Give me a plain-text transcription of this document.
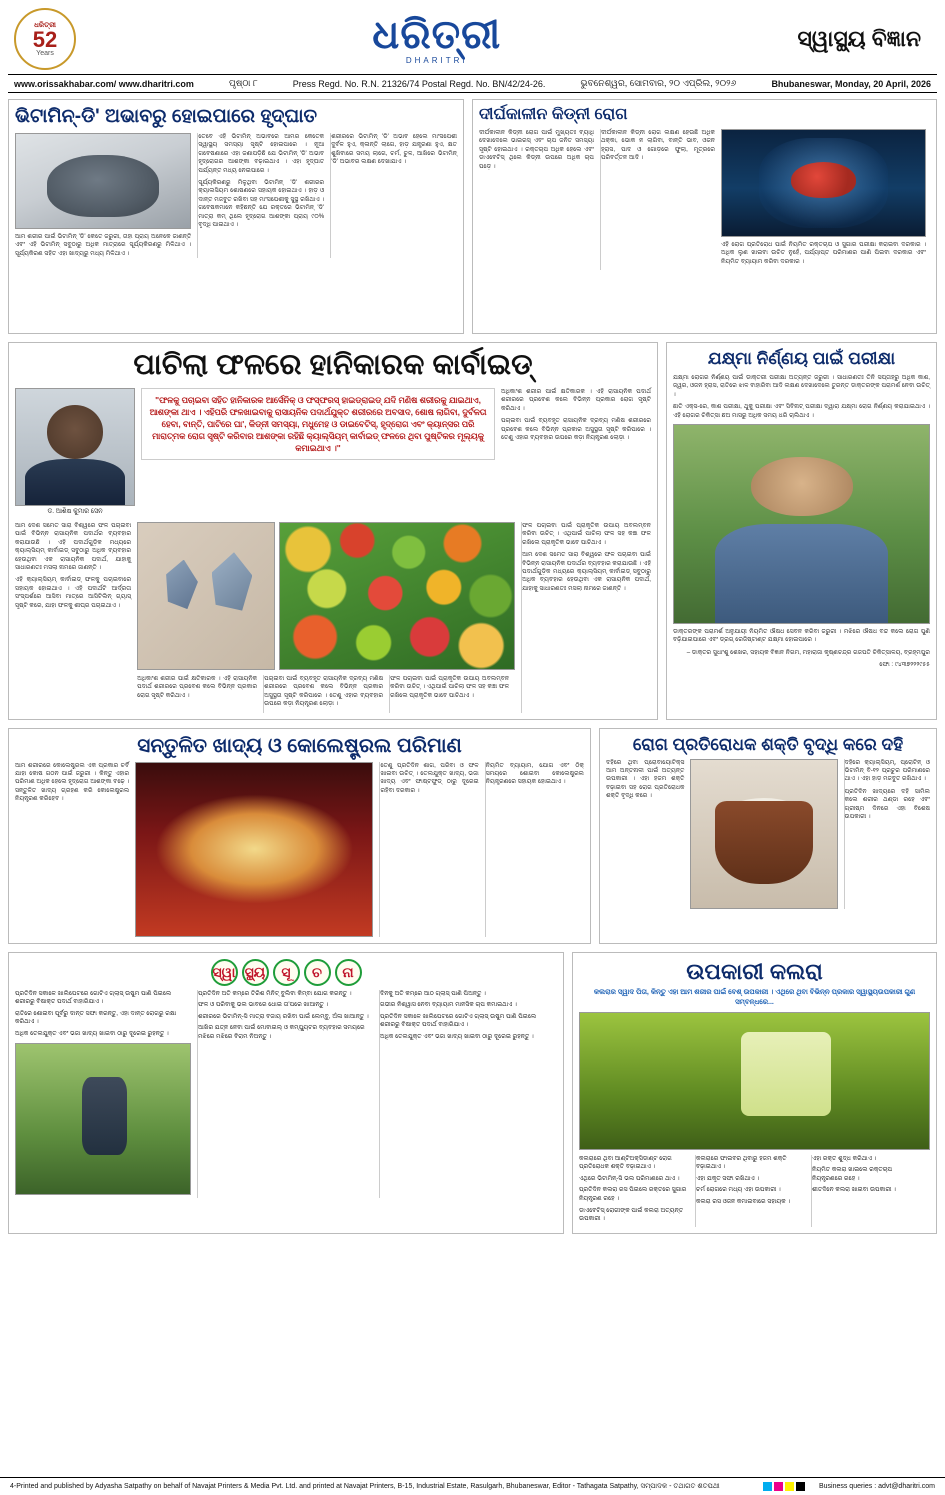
ଧରିତ୍ରୀ
52
Years	ଧରିତ୍ରୀ
DHARITRI
ସ୍ୱାସ୍ଥ୍ୟ ବିଜ୍ଞାନ
www.orissakhabar.com/ www.dharitri.com	ପୃଷ୍ଠା ୮	Press Regd. No. R.N. 21326/74 Postal Regd. No. BN/42/24-26.	ଭୁବନେଶ୍ୱର, ସୋମବାର, ୨୦ ଏପ୍ରିଲ, ୨୦୨୬	Bhubaneswar, Monday, 20 April, 2026
ଭିଟାମିନ୍‌-ଡି' ଅଭାବରୁ ହୋଇପାରେ ହୃଦ୍‌ଘାତ
ଆମ ଶରୀର ପାଇଁ ଭିଟାମିନ୍ 'ଡି' କେତେ ଜରୁରୀ, ତାହା ପ୍ରାୟ ଅନେକେ ଜାଣନ୍ତି ଏବଂ ଏହି ଭିଟାମିନ୍ ସବୁଠାରୁ ଅଧିକ ମାତ୍ରାରେ ସୂର୍ଯ୍ୟକିରଣରୁ ମିଳିଥାଏ । ସୂର୍ଯ୍ୟକିରଣ ସହିତ ଏହା ଖାଦ୍ୟରୁ ମଧ୍ୟ ମିଳିଥାଏ ।

ତେବେ ଏହି ଭିଟାମିନ୍ ଅଭାବରେ ଆମର କେତେକ ସ୍ୱାସ୍ଥ୍ୟ ସମସ୍ୟା ସୃଷ୍ଟି ହୋଇପାରେ । ନୂଆ ଗବେଷଣାରେ ଏହା ଜଣାପଡ଼ିଛି ଯେ ଭିଟାମିନ୍ 'ଡି' ଅଭାବ ହୃଦ୍‌ରୋଗର ଆଶଙ୍କା ବଢ଼ାଇଥାଏ । ଏହା ହୃଦ୍‌ଘାତ ପର୍ଯ୍ୟନ୍ତ ମଧ୍ୟ ନେଇପାରେ ।

ସୂର୍ଯ୍ୟକିରଣରୁ ମିଳୁଥିବା ଭିଟାମିନ୍ 'ଡି' ଶରୀରର କ୍ୟାଲସିୟମ ଶୋଷଣରେ ସହାୟକ ହୋଇଥାଏ । ହାଡ଼ ଓ ଦାନ୍ତ ମଜବୁତ ରଖିବା ସହ ମାଂସପେଶୀକୁ ସୁସ୍ଥ ରଖିଥାଏ । ଗବେଷକମାନେ କହିଛନ୍ତି ଯେ ରକ୍ତରେ ଭିଟାମିନ୍ 'ଡି' ମାତ୍ରା କମ୍ ଥିଲେ ହୃଦ୍‌ରୋଗ ଆଶଙ୍କା ପ୍ରାୟ ୯୦% ବୃଦ୍ଧି ପାଇଥାଏ ।

ଶରୀରରେ ଭିଟାମିନ୍ 'ଡି' ଅଭାବ ହେଲେ ମାଂସପେଶୀ ଦୁର୍ବଳ ହୁଏ, କ୍ଳାନ୍ତି ଲାଗେ, ହାଡ଼ ଯନ୍ତ୍ରଣା ହୁଏ, କ୍ଷତ ଶୁଖିବାରେ ସମୟ ଲାଗେ, ଚର୍ମ, ଚୁଳ, ଆଖିରେ ଭିଟାମିନ୍ 'ଡି' ଅଭାବର ଲକ୍ଷଣ ଦେଖାଯାଏ ।

ଦୀର୍ଘକାଳୀନ କିଡ୍‌ନୀ ରୋଗ

ଦୀର୍ଘକାଳୀନ କିଡ୍‌ନୀ ରୋଗ ପାଇଁ ମୁଖ୍ୟତଃ ବ୍ୟାଧି ଦେଖାଦେଲେ ଭାଇରସ୍‌ ଏବଂ ଚାପ ଜନିତ ସମସ୍ୟା ସୃଷ୍ଟି ହୋଇଥାଏ । ରକ୍ତଚାପ ଅଧିକ ହେଲେ ଏବଂ ଡାଏବେଟିସ୍‌ ଥିଲେ କିଡ୍‌ନୀ ଉପରେ ଅଧିକ ଚାପ ପଡ଼େ ।

ଦୀର୍ଘକାଳୀନ କିଡ୍‌ନୀ ରୋଗ ଲକ୍ଷଣ ହେଉଛି ଅଧିକ ଥକ୍‌କା, ଭୋକ ନ ଲାଗିବା, ବାନ୍ତି ଭାବ, ଓଜନ ହ୍ରାସ, ପାଦ ଓ ଗୋଡ଼ରେ ଫୁଲା, ମୂତ୍ରରେ ପରିବର୍ତ୍ତନ ଆଦି ।

ଏହି ରୋଗ ପ୍ରତିରୋଧ ପାଇଁ ନିୟମିତ ରକ୍ତଚାପ ଓ ସୁଗାର ପରୀକ୍ଷା କରାଇବା ଦରକାର । ଅଧିକ ଲୁଣ ଖାଇବା ଉଚିତ ନୁହେଁ, ପର୍ଯ୍ୟାପ୍ତ ପରିମାଣର ପାଣି ପିଇବା ଦରକାର ଏବଂ ନିୟମିତ ବ୍ୟାୟାମ କରିବା ଦରକାର ।

ପାଚିଲା ଫଳରେ ହାନିକାରକ କାର୍ବାଇଡ୍
ଡ. ଆଶିଷ କୁମାର ସେନ
"ଫଳକୁ ପଚାଇବା ସହିତ ହାନିକାରକ ଆର୍ସେନିକ୍‌ ଓ ଫସ୍‌ଫରସ୍‌ ହାଇଡ୍ରାଇଡ୍‌ ଯଦି ମଣିଷ ଶରୀରକୁ ଯାଇଥାଏ, ଆଶଙ୍କା ଥାଏ । ଏହିପରି ଫଳଖାଇବାକୁ ରାସାୟନିକ ପଦାର୍ଥଯୁକ୍ତ ଶରୀରରେ ଅବସାଦ, ଶୋଷ ଲାଗିବା, ଦୁର୍ବଳତା ହେବା, ବାନ୍ତି, ପାଟିରେ ଘା', କିଡ୍‌ନୀ ସମସ୍ୟା, ମଧୁମେହ ଓ ଡାଇବେଟିସ୍‌, ହୃଦ୍‌ରୋଗ ଏବଂ କ୍ୟାନ୍‌ସର ପରି ମାରାତ୍ମକ ରୋଗ ସୃଷ୍ଟି କରିବାର ଆଶଙ୍କା ରହିଛି କ୍ୟାଲ୍‌ସିୟମ୍‌ କାର୍ବାଇଡ୍‌ ଫଳରେ ଥିବା ପୁଷ୍ଟିକର ମୂଲ୍ୟକୁ କମାଇଥାଏ ।"

ଅଧିକାଂଶ ଶରୀର ପାଇଁ କ୍ଷତିକାରକ । ଏହି ରାସାୟନିକ ପଦାର୍ଥ ଶରୀରରେ ପ୍ରବେଶ କଲେ ବିଭିନ୍ନ ପ୍ରକାର ରୋଗ ସୃଷ୍ଟି କରିଥାଏ ।

ପଚାଇବା ପାଇଁ ବ୍ୟବହୃତ ରାସାୟନିକ ଦ୍ରବ୍ୟ ମଣିଷ ଶରୀରରେ ପ୍ରବେଶ କଲେ ବିଭିନ୍ନ ପ୍ରକାର ଅସୁସ୍ଥତା ସୃଷ୍ଟି କରିପାରେ । ତେଣୁ ଏହାର ବ୍ୟବହାର ଉପରେ କଡ଼ା ନିୟନ୍ତ୍ରଣ ଲୋଡ଼ା ।

ଆମ ଦେଶ ସମେତ ସାରା ବିଶ୍ୱରେ ଫଳ ପଚାଇବା ପାଇଁ ବିଭିନ୍ନ ରାସାୟନିକ ପଦାର୍ଥର ବ୍ୟବହାର କରାଯାଉଛି । ଏହି ପଦାର୍ଥଗୁଡ଼ିକ ମଧ୍ୟରେ କ୍ୟାଲ୍‌ସିୟମ୍‌ କାର୍ବାଇଡ୍‌ ସବୁଠାରୁ ଅଧିକ ବ୍ୟବହାର ହେଉଥିବା ଏକ ରାସାୟନିକ ପଦାର୍ଥ, ଯାହାକୁ ସାଧାରଣତଃ ମସଲା ନାମରେ ଜାଣନ୍ତି ।

ଏହି କ୍ୟାଲ୍‌ସିୟମ୍‌ କାର୍ବାଇଡ୍‌ ଫଳକୁ ପଚାଇବାରେ ସହାୟକ ହୋଇଥାଏ । ଏହି ପଦାର୍ଥଟି ଆର୍ଦ୍ରତା ସଂସ୍ପର୍ଶରେ ଆସିବା ମାତ୍ରେ ଆସିଟିଲିନ୍‌ ଗ୍ୟାସ୍‌ ସୃଷ୍ଟି କରେ, ଯାହା ଫଳକୁ ଶୀଘ୍ର ପଚାଇଥାଏ ।

ଅଧିକାଂଶ ଶରୀର ପାଇଁ କ୍ଷତିକାରକ । ଏହି ରାସାୟନିକ ପଦାର୍ଥ ଶରୀରରେ ପ୍ରବେଶ କଲେ ବିଭିନ୍ନ ପ୍ରକାର ରୋଗ ସୃଷ୍ଟି କରିଥାଏ ।

ପଚାଇବା ପାଇଁ ବ୍ୟବହୃତ ରାସାୟନିକ ଦ୍ରବ୍ୟ ମଣିଷ ଶରୀରରେ ପ୍ରବେଶ କଲେ ବିଭିନ୍ନ ପ୍ରକାର ଅସୁସ୍ଥତା ସୃଷ୍ଟି କରିପାରେ । ତେଣୁ ଏହାର ବ୍ୟବହାର ଉପରେ କଡ଼ା ନିୟନ୍ତ୍ରଣ ଲୋଡ଼ା ।

ଫଳ ପଚାଇବା ପାଇଁ ପ୍ରାକୃତିକ ଉପାୟ ଅବଲମ୍ବନ କରିବା ଉଚିତ୍ । ଏଥିପାଇଁ ପାଚିଲା ଫଳ ସହ କଞ୍ଚା ଫଳ ରଖିଲେ ପ୍ରାକୃତିକ ଭାବେ ପାଚିଥାଏ ।

ଫଳ ପଚାଇବା ପାଇଁ ପ୍ରାକୃତିକ ଉପାୟ ଅବଲମ୍ବନ କରିବା ଉଚିତ୍ । ଏଥିପାଇଁ ପାଚିଲା ଫଳ ସହ କଞ୍ଚା ଫଳ ରଖିଲେ ପ୍ରାକୃତିକ ଭାବେ ପାଚିଥାଏ ।

ଆମ ଦେଶ ସମେତ ସାରା ବିଶ୍ୱରେ ଫଳ ପଚାଇବା ପାଇଁ ବିଭିନ୍ନ ରାସାୟନିକ ପଦାର୍ଥର ବ୍ୟବହାର କରାଯାଉଛି । ଏହି ପଦାର୍ଥଗୁଡ଼ିକ ମଧ୍ୟରେ କ୍ୟାଲ୍‌ସିୟମ୍‌ କାର୍ବାଇଡ୍‌ ସବୁଠାରୁ ଅଧିକ ବ୍ୟବହାର ହେଉଥିବା ଏକ ରାସାୟନିକ ପଦାର୍ଥ, ଯାହାକୁ ସାଧାରଣତଃ ମସଲା ନାମରେ ଜାଣନ୍ତି ।

ଯକ୍ଷ୍ମା ନିର୍ଣ୍ଣୟ ପାଇଁ ପରୀକ୍ଷା

ଯକ୍ଷ୍ମା ରୋଗର ନିର୍ଣ୍ଣୟ ପାଇଁ ଡାକ୍ତରୀ ପରୀକ୍ଷା ଅତ୍ୟନ୍ତ ଜରୁରୀ । ସାଧାରଣତଃ ତିନି ସପ୍ତାହରୁ ଅଧିକ କାଶ, ଜ୍ୱର, ଓଜନ ହ୍ରାସ, ରାତିରେ ଝାଳ ବାହାରିବା ଆଦି ଲକ୍ଷଣ ଦେଖାଦେଲେ ତୁରନ୍ତ ଡାକ୍ତରଙ୍କ ପରାମର୍ଶ ନେବା ଉଚିତ୍ ।

ଛାତି ଏକ୍ସ-ରେ, କାଶ ପରୀକ୍ଷା, ଥୁକୁ ପରୀକ୍ଷା ଏବଂ ସିବିନାଟ୍ ପରୀକ୍ଷା ଦ୍ୱାରା ଯକ୍ଷ୍ମା ରୋଗ ନିର୍ଣ୍ଣୟ କରାଯାଇଥାଏ । ଏହି ରୋଗର ଚିକିତ୍ସା ଛଅ ମାସରୁ ଅଧିକ ସମୟ ଧରି ଚାଲିଥାଏ ।

ଡାକ୍ତରଙ୍କ ପରାମର୍ଶ ଅନୁଯାୟୀ ନିୟମିତ ଔଷଧ ସେବନ କରିବା ଜରୁରୀ । ମଝିରେ ଔଷଧ ବନ୍ଦ କଲେ ରୋଗ ପୁଣି ବଢ଼ିଯାଇପାରେ ଏବଂ ଡ୍ରଗ୍ ରେଜିଷ୍ଟାଣ୍ଟ ଯକ୍ଷ୍ମା ହୋଇପାରେ ।

– ଡାକ୍ତର ସୁଧାଂଶୁ ଶେଖର, ସହାୟକ ବିଜ୍ଞାନ ନିଗମ, ମହାରାଜା କୃଷ୍ଣଚନ୍ଦ୍ର ଗଜପତି ଚିକିତ୍ସାଳୟ, ବ୍ରହ୍ମପୁର

ଫୋ : ୯୪୩୭୨୨୨୯୫୫

ସନ୍ତୁଳିତ ଖାଦ୍ୟ ଓ କୋଲେଷ୍ଟ୍ରଲ ପରିମାଣ

ଆମ ଶରୀରରେ କୋଲେଷ୍ଟ୍ରଲ ଏକ ପ୍ରକାର ଚର୍ବି ଯାହା କୋଷ ଗଠନ ପାଇଁ ଜରୁରୀ । କିନ୍ତୁ ଏହାର ପରିମାଣ ଅଧିକ ହେଲେ ହୃଦ୍‌ରୋଗ ଆଶଙ୍କା ବଢ଼େ । ସନ୍ତୁଳିତ ଖାଦ୍ୟ ଗ୍ରହଣ କରି କୋଲେଷ୍ଟ୍ରଲ ନିୟନ୍ତ୍ରଣ କରିହେବ ।

ତେଣୁ ପ୍ରତିଦିନ ଶାଗ, ପରିବା ଓ ଫଳ ଖାଇବା ଉଚିତ୍ । ତେଲଯୁକ୍ତ ଖାଦ୍ୟ, ଭଜା ଖାଦ୍ୟ ଏବଂ ଫାଷ୍ଟଫୁଡ୍ ଠାରୁ ଦୂରେଇ ରହିବା ଦରକାର ।

ନିୟମିତ ବ୍ୟାୟାମ, ଯୋଗ ଏବଂ ଠିକ୍ ସମୟରେ ଶୋଇବା କୋଲେଷ୍ଟ୍ରଲ ନିୟନ୍ତ୍ରଣରେ ସହାୟକ ହୋଇଥାଏ ।

ରୋଗ ପ୍ରତିରୋଧକ ଶକ୍ତି ବୃଦ୍ଧି କରେ ଦହି

ଦହିରେ ଥିବା ପ୍ରୋବାୟୋଟିକ୍ସ ଆମ ଅନ୍ତନାଳୀ ପାଇଁ ଅତ୍ୟନ୍ତ ଉପକାରୀ । ଏହା ହଜମ ଶକ୍ତି ବଢ଼ାଇବା ସହ ରୋଗ ପ୍ରତିରୋଧକ ଶକ୍ତି ବୃଦ୍ଧି କରେ ।

ଦହିରେ କ୍ୟାଲ୍‌ସିୟମ୍‌, ପ୍ରୋଟିନ୍ ଓ ଭିଟାମିନ୍ ବି-୧୨ ପ୍ରଚୁର ପରିମାଣରେ ଥାଏ । ଏହା ହାଡ଼ ମଜବୁତ ରଖିଥାଏ ।

ପ୍ରତିଦିନ ଖାଦ୍ୟରେ ଦହି ସାମିଲ କଲେ ଶରୀର ଥଣ୍ଡା ରହେ ଏବଂ ଗ୍ରୀଷ୍ମ ଦିନରେ ଏହା ବିଶେଷ ଉପକାରୀ ।

ସ୍ୱା ସ୍ଥ୍ୟ	ସୂ	ଚ	ନା
ପ୍ରତିଦିନ ସକାଳେ ଖାଲିପେଟରେ ଗୋଟିଏ ଗ୍ଲାସ୍ ଉଷୁମ ପାଣି ପିଇଲେ ଶରୀରରୁ ବିଷାକ୍ତ ପଦାର୍ଥ ବାହାରିଯାଏ ।
ରାତିରେ ଶୋଇବା ପୂର୍ବରୁ ଦାନ୍ତ ସଫା କରନ୍ତୁ, ଏହା ଦାନ୍ତ ରୋଗରୁ ରକ୍ଷା କରିଥାଏ ।
ଅଧିକ ତେଲଯୁକ୍ତ ଏବଂ ଭଜା ଖାଦ୍ୟ ଖାଇବା ଠାରୁ ଦୂରେଇ ରୁହନ୍ତୁ ।
ପ୍ରତିଦିନ ଅତି କମ୍‌ରେ ତିରିଶ ମିନିଟ୍ ବୁଲିବା କିମ୍ବା ଯୋଗ କରନ୍ତୁ ।
ଫଳ ଓ ପରିବାକୁ ଭଲ ଭାବରେ ଧୋଇ ତା'ପରେ ଖାଆନ୍ତୁ ।
ଶରୀରରେ ଭିଟାମିନ୍‌-ସି ମାତ୍ରା ବଜାୟ ରଖିବା ପାଇଁ ଲେମ୍ବୁ, ଅଁଳା ଖାଆନ୍ତୁ ।
ଆଖିର ଯତ୍ନ ନେବା ପାଇଁ ମୋବାଇଲ୍ ଓ କମ୍ପ୍ୟୁଟର ବ୍ୟବହାର ସମୟରେ ମଝିରେ ମଝିରେ ବିରାମ ନିଅନ୍ତୁ ।
ଦିନକୁ ଅତି କମ୍‌ରେ ଆଠ ଗ୍ଲାସ୍ ପାଣି ପିଅନ୍ତୁ ।
ଗଭୀର ନିଶ୍ୱାସ ନେବା ବ୍ୟାୟାମ ମାନସିକ ଚାପ କମାଇଥାଏ ।
ପ୍ରତିଦିନ ସକାଳେ ଖାଲିପେଟରେ ଗୋଟିଏ ଗ୍ଲାସ୍ ଉଷୁମ ପାଣି ପିଇଲେ ଶରୀରରୁ ବିଷାକ୍ତ ପଦାର୍ଥ ବାହାରିଯାଏ ।
ଅଧିକ ତେଲଯୁକ୍ତ ଏବଂ ଭଜା ଖାଦ୍ୟ ଖାଇବା ଠାରୁ ଦୂରେଇ ରୁହନ୍ତୁ ।
ଉପକାରୀ କଲରା
କଲରାର ସ୍ୱାଦ ପିତା, କିନ୍ତୁ ଏହା ଆମ ଶରୀର ପାଇଁ ବେଶ୍ ଉପକାରୀ । ଏଥିରେ ଥିବା ବିଭିନ୍ନ ପ୍ରକାର ସ୍ୱାସ୍ଥ୍ୟଉପକାରୀ ଗୁଣ ସମ୍ବନ୍ଧରେ...
କଲରାରେ ଥିବା ଆଣ୍ଟିଅକ୍ସିଡାଣ୍ଟ ରୋଗ ପ୍ରତିରୋଧକ ଶକ୍ତି ବଢ଼ାଇଥାଏ ।
ଏଥିରେ ଭିଟାମିନ୍‌-ସି ଭଲ ପରିମାଣରେ ଥାଏ ।
ପ୍ରତିଦିନ କଲରା ରସ ପିଇଲେ ରକ୍ତରେ ସୁଗାର ନିୟନ୍ତ୍ରଣ ରହେ ।
ଡାଏବେଟିସ୍ ରୋଗୀଙ୍କ ପାଇଁ କଲରା ଅତ୍ୟନ୍ତ ଉପକାରୀ ।
କଲରାରେ ଫାଇବର ଥିବାରୁ ହଜମ ଶକ୍ତି ବଢ଼ାଇଥାଏ ।
ଏହା ଯକୃତ ସଫା ରଖିଥାଏ ।
ଚର୍ମ ରୋଗରେ ମଧ୍ୟ ଏହା ଉପକାରୀ ।
କଲରା ରସ ଓଜନ କମାଇବାରେ ସହାୟକ ।
ଏହା ରକ୍ତ ଶୁଦ୍ଧ କରିଥାଏ ।
ନିୟମିତ କଲରା ଖାଇଲେ ରକ୍ତଚାପ ନିୟନ୍ତ୍ରଣରେ ରହେ ।
ଶୀତଦିନେ କଲରା ଖାଇବା ଉପକାରୀ ।
4-Printed and published by Adyasha Satpathy on behalf of Navajat Printers & Media Pvt. Ltd. and printed at Navajat Printers, B-15, Industrial Estate, Rasulgarh, Bhubaneswar, Editor - Tathagata Satpathy, ସମ୍ପାଦକ - ତଥାଗତ ଶତପଥୀ	Business queries : advt@dharitri.com
